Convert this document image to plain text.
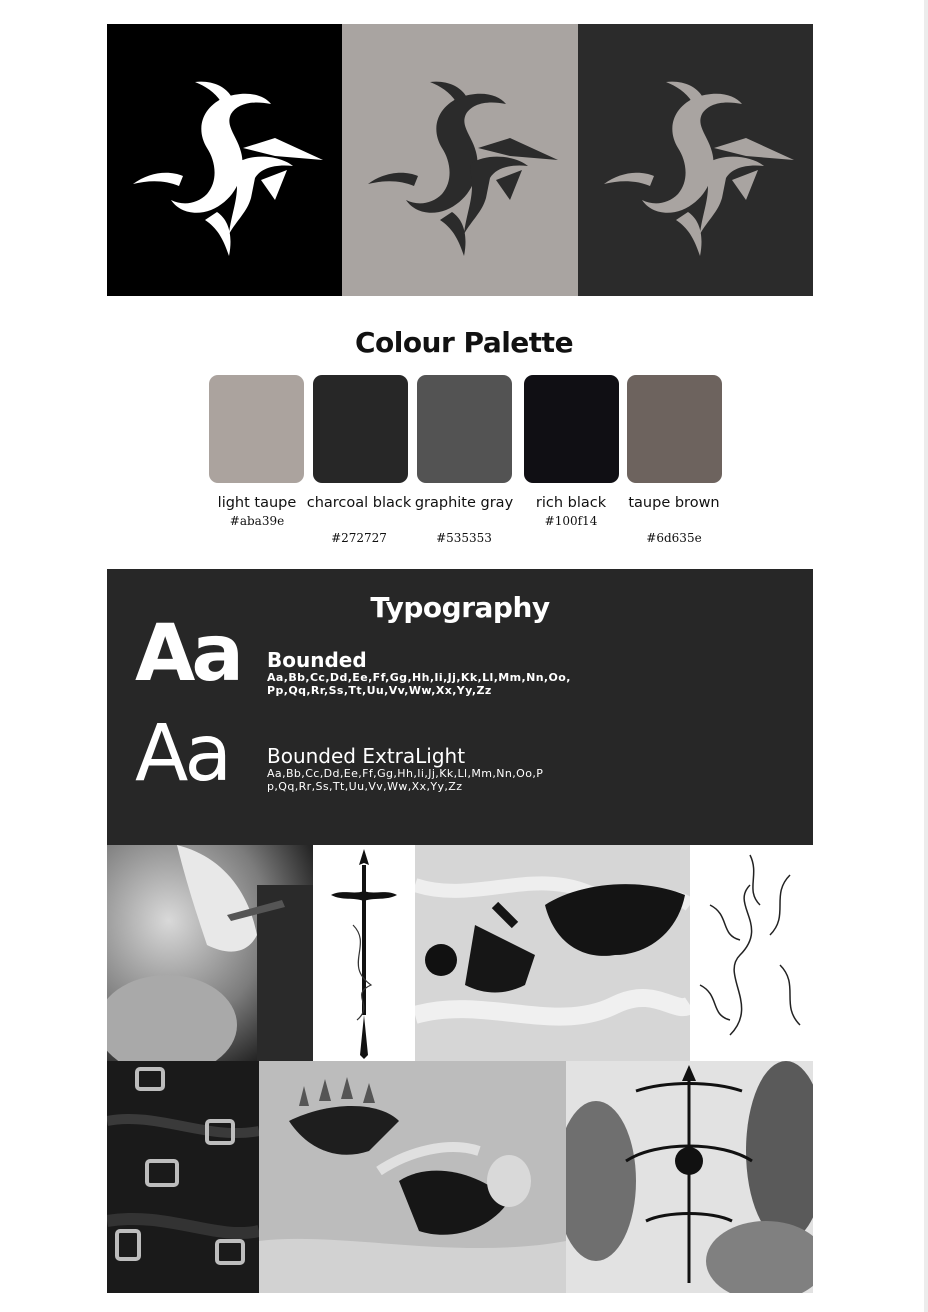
Colour Palette
light taupe
#aba39e
charcoal black
#272727
graphite gray
#535353
rich black
#100f14
taupe brown
#6d635e
Typography
Aa Bounded
Aa,Bb,Cc,Dd,Ee,Ff,Gg,Hh,Ii,Jj,Kk,Ll,Mm,Nn,Oo,
Pp,Qq,Rr,Ss,Tt,Uu,Vv,Ww,Xx,Yy,Zz
Aa Bounded ExtraLight
Aa,Bb,Cc,Dd,Ee,Ff,Gg,Hh,Ii,Jj,Kk,Ll,Mm,Nn,Oo,P
p,Qq,Rr,Ss,Tt,Uu,Vv,Ww,Xx,Yy,Zz
